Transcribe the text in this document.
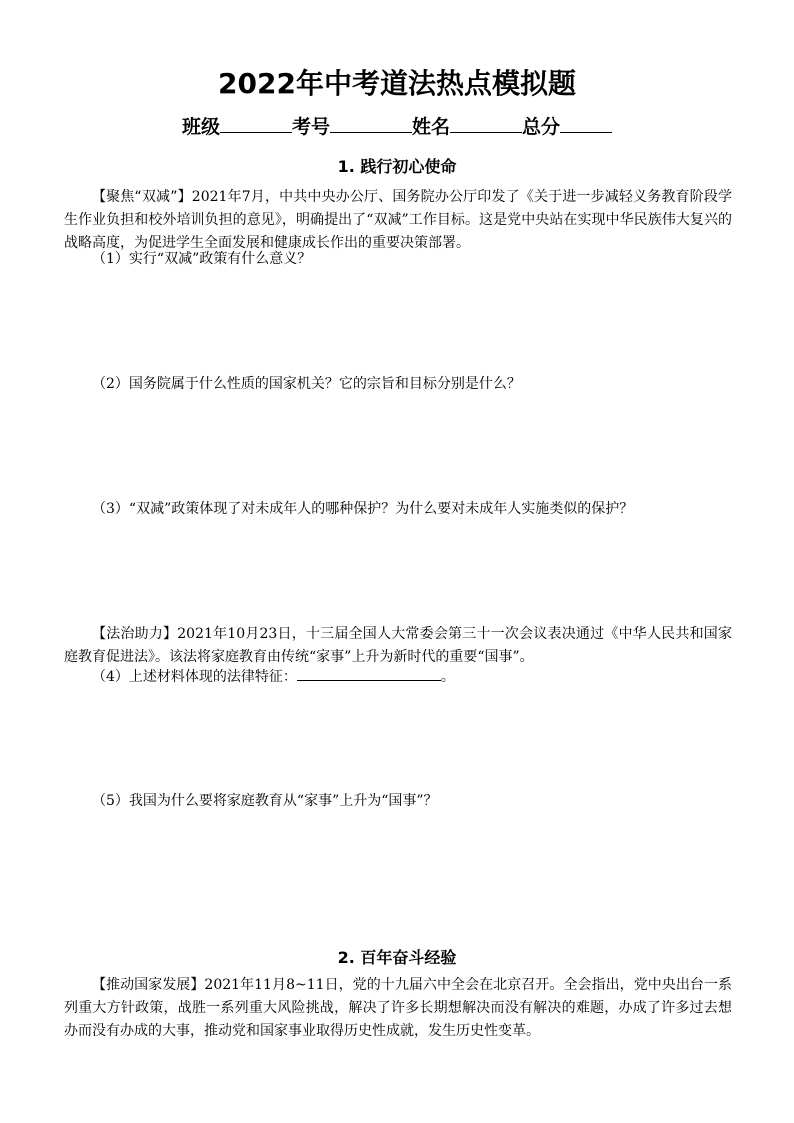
2022年中考道法热点模拟题
班级	考号	姓名	总分
1. 践行初心使命
【聚焦“双减”】2021年7月，中共中央办公厅、国务院办公厅印发了《关于进一步减轻义务教育阶段学生作业负担和校外培训负担的意见》，明确提出了“双减”工作目标。这是党中央站在实现中华民族伟大复兴的战略高度，为促进学生全面发展和健康成长作出的重要决策部署。
（1）实行“双减”政策有什么意义？
（2）国务院属于什么性质的国家机关？它的宗旨和目标分别是什么？
（3）“双减”政策体现了对未成年人的哪种保护？为什么要对未成年人实施类似的保护？
【法治助力】2021年10月23日，十三届全国人大常委会第三十一次会议表决通过《中华人民共和国家庭教育促进法》。该法将家庭教育由传统“家事”上升为新时代的重要“国事”。
（4）上述材料体现的法律特征：	。
（5）我国为什么要将家庭教育从“家事”上升为“国事”？
2. 百年奋斗经验
【推动国家发展】2021年11月8~11日，党的十九届六中全会在北京召开。全会指出，党中央出台一系列重大方针政策，战胜一系列重大风险挑战，解决了许多长期想解决而没有解决的难题，办成了许多过去想办而没有办成的大事，推动党和国家事业取得历史性成就，发生历史性变革。
